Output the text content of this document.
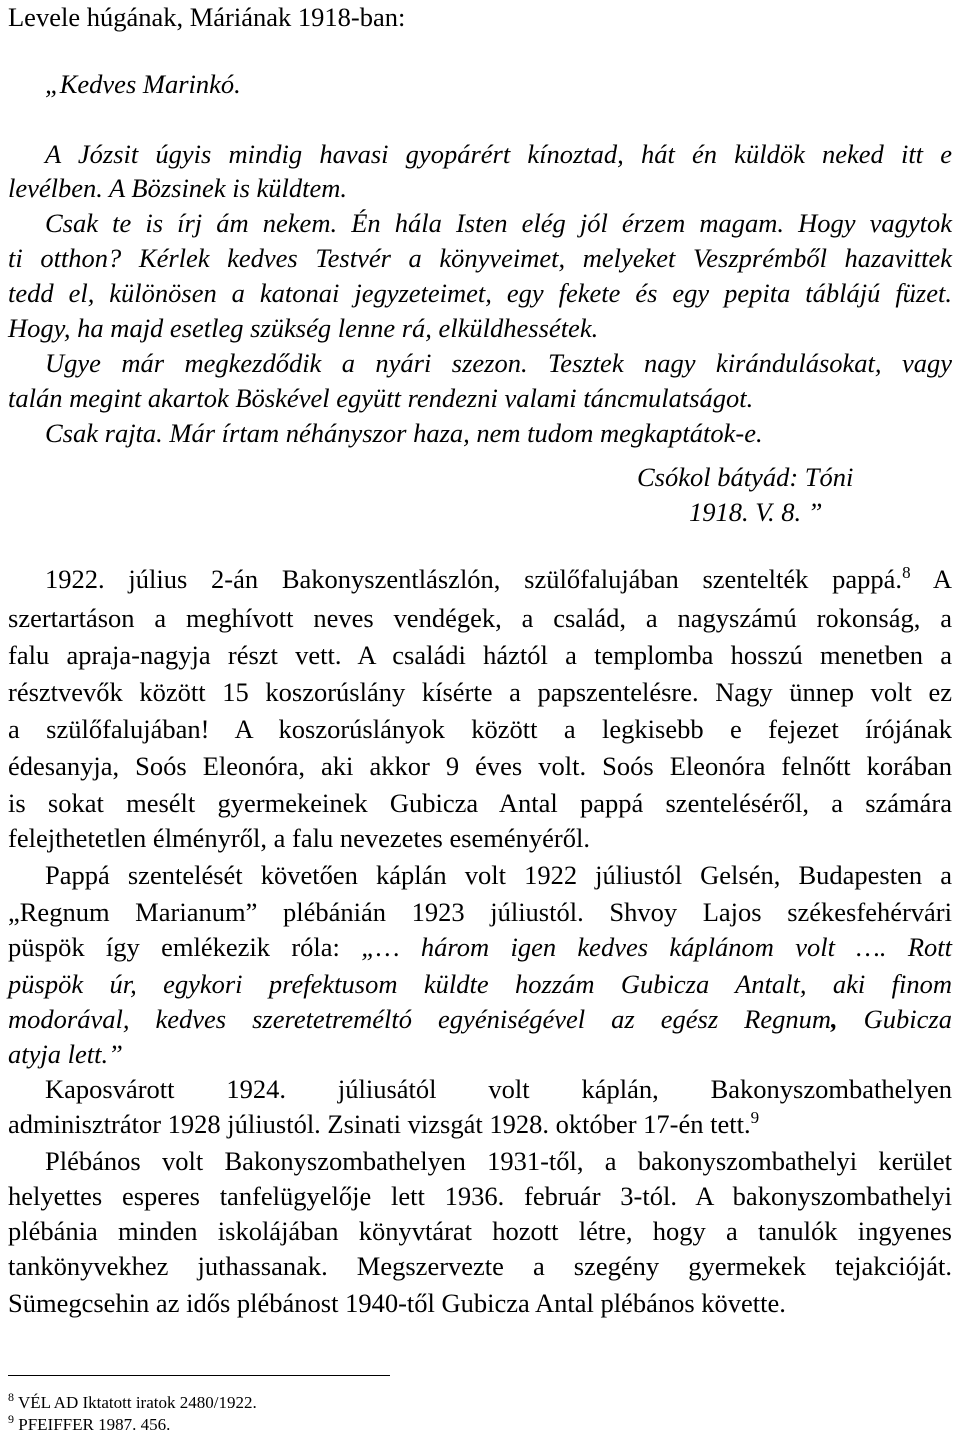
Levele húgának, Máriának 1918-ban:
„Kedves Marinkó.
A Józsit úgyis mindig havasi gyopárért kínoztad, hát én küldök neked itt e
levélben. A Bözsinek is küldtem.
Csak te is írj ám nekem. Én hála Isten elég jól érzem magam. Hogy vagytok
ti otthon? Kérlek kedves Testvér a könyveimet, melyeket Veszprémből hazavittek
tedd el, különösen a katonai jegyzeteimet, egy fekete és egy pepita táblájú füzet.
Hogy, ha majd esetleg szükség lenne rá, elküldhessétek.
Ugye már megkezdődik a nyári szezon. Tesztek nagy kirándulásokat, vagy
talán megint akartok Böskével együtt rendezni valami táncmulatságot.
Csak rajta. Már írtam néhányszor haza, nem tudom megkaptátok-e.
Csókol bátyád: Tóni
1918. V. 8. ”
1922. július 2-án Bakonyszentlászlón, szülőfalujában szentelték pappá.$^8$ A
szertartáson a meghívott neves vendégek, a család, a nagyszámú rokonság, a
falu apraja-nagyja részt vett. A családi háztól a templomba hosszú menetben a
résztvevők között 15 koszorúslány kísérte a papszentelésre. Nagy ünnep volt ez
a szülőfalujában! A koszorúslányok között a legkisebb e fejezet írójának
édesanyja, Soós Eleonóra, aki akkor 9 éves volt. Soós Eleonóra felnőtt korában
is sokat mesélt gyermekeinek Gubicza Antal pappá szenteléséről, a számára
felejthetetlen élményről, a falu nevezetes eseményéről.
Pappá szentelését követően káplán volt 1922 júliustól Gelsén, Budapesten a
„Regnum Marianum” plébánián 1923 júliustól. Shvoy Lajos székesfehérvári
püspök így emlékezik róla: „… három igen kedves káplánom volt …. Rott
püspök úr, egykori prefektusom küldte hozzám Gubicza Antalt, aki finom
modorával, kedves szeretetreméltó egyéniségével az egész Regnum, Gubicza
atyja lett.”
Kaposvárott 1924. júliusától volt káplán, Bakonyszombathelyen
adminisztrátor 1928 júliustól. Zsinati vizsgát 1928. október 17-én tett.$^9$
Plébános volt Bakonyszombathelyen 1931-től, a bakonyszombathelyi kerület
helyettes esperes tanfelügyelője lett 1936. február 3-tól. A bakonyszombathelyi
plébánia minden iskolájában könyvtárat hozott létre, hogy a tanulók ingyenes
tankönyvekhez juthassanak. Megszervezte a szegény gyermekek tejakcióját.
Sümegcsehin az idős plébánost 1940-től Gubicza Antal plébános követte.
$^8$ VÉL AD Iktatott iratok 2480/1922.
$^9$ PFEIFFER 1987. 456.
